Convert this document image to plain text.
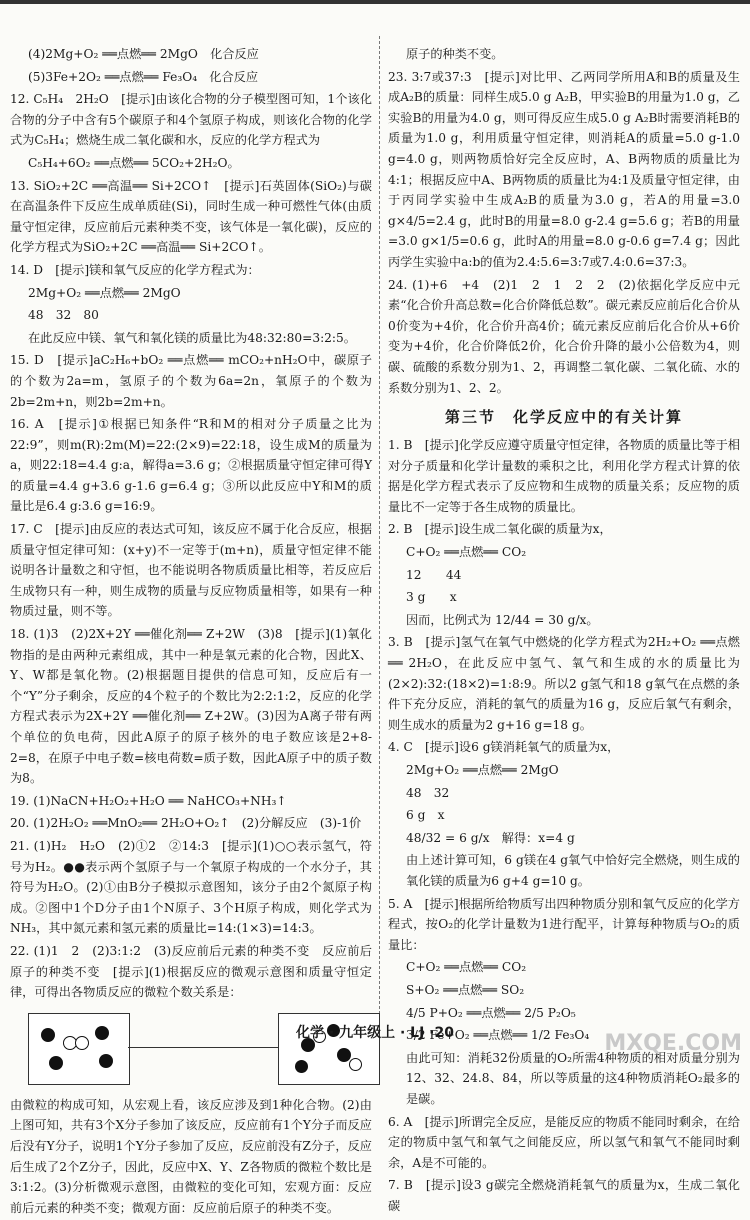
(4)2Mg+O₂ ══点燃══ 2MgO　化合反应

(5)3Fe+2O₂ ══点燃══ Fe₃O₄　化合反应

12. C₅H₄　2H₂O　[提示]由该化合物的分子模型图可知，1个该化合物的分子中含有5个碳原子和4个氢原子构成，则该化合物的化学式为C₅H₄；燃烧生成二氧化碳和水，反应的化学方程式为

C₅H₄+6O₂ ══点燃══ 5CO₂+2H₂O。

13. SiO₂+2C ══高温══ Si+2CO↑　[提示]石英固体(SiO₂)与碳在高温条件下反应生成单质硅(Si)，同时生成一种可燃性气体(由质量守恒定律，反应前后元素种类不变，该气体是一氧化碳)，反应的化学方程式为SiO₂+2C ══高温══ Si+2CO↑。

14. D　[提示]镁和氧气反应的化学方程式为：

2Mg+O₂ ══点燃══ 2MgO

48　32　80

在此反应中镁、氧气和氧化镁的质量比为48:32:80=3:2:5。

15. D　[提示]aC₂H₆+bO₂ ══点燃══ mCO₂+nH₂O中，碳原子的个数为2a=m，氢原子的个数为6a=2n，氧原子的个数为2b=2m+n，则2b=2m+n。

16. A　[提示]①根据已知条件“R和M的相对分子质量之比为22:9”，则m(R):2m(M)=22:(2×9)=22:18，设生成M的质量为a，则22:18=4.4 g:a，解得a=3.6 g；②根据质量守恒定律可得Y的质量=4.4 g+3.6 g-1.6 g=6.4 g；③所以此反应中Y和M的质量比是6.4 g:3.6 g=16:9。

17. C　[提示]由反应的表达式可知，该反应不属于化合反应，根据质量守恒定律可知：(x+y)不一定等于(m+n)，质量守恒定律不能说明各计量数之和守恒，也不能说明各物质质量比相等，若反应后生成物只有一种，则生成物的质量与反应物质量相等，如果有一种物质过量，则不等。

18. (1)3　(2)2X+2Y ══催化剂══ Z+2W　(3)8　[提示](1)氧化物指的是由两种元素组成，其中一种是氧元素的化合物，因此X、Y、W都是氧化物。(2)根据题目提供的信息可知，反应后有一个“Y”分子剩余，反应的4个粒子的个数比为2:2:1:2，反应的化学方程式表示为2X+2Y ══催化剂══ Z+2W。(3)因为A离子带有两个单位的负电荷，因此A原子的原子核外的电子数应该是2+8-2=8，在原子中电子数=核电荷数=质子数，因此A原子中的质子数为8。

19. (1)NaCN+H₂O₂+H₂O ══ NaHCO₃+NH₃↑

20. (1)2H₂O₂ ══MnO₂══ 2H₂O+O₂↑　(2)分解反应　(3)-1价

21. (1)H₂　H₂O　(2)①2　②14:3　[提示](1)○○表示氢气，符号为H₂。●●表示两个氢原子与一个氧原子构成的一个水分子，其符号为H₂O。(2)①由B分子模拟示意图知，该分子由2个氮原子构成。②图中1个D分子由1个N原子、3个H原子构成，则化学式为NH₃，其中氮元素和氢元素的质量比=14:(1×3)=14:3。

22. (1)1　2　(2)3:1:2　(3)反应前后元素的种类不变　反应前后原子的种类不变　[提示](1)根据反应的微观示意图和质量守恒定律，可得出各物质反应的微粒个数关系是：

由微粒的构成可知，从宏观上看，该反应涉及到1种化合物。(2)由上图可知，共有3个X分子参加了该反应，反应前有1个Y分子而反应后没有Y分子，说明1个Y分子参加了反应，反应前没有Z分子，反应后生成了2个Z分子，因此，反应中X、Y、Z各物质的微粒个数比是3:1:2。(3)分析微观示意图，由微粒的变化可知，宏观方面：反应前后元素的种类不变；微观方面：反应前后原子的种类不变。

原子的种类不变。

23. 3:7或37:3　[提示]对比甲、乙两同学所用A和B的质量及生成A₂B的质量：同样生成5.0 g A₂B，甲实验B的用量为1.0 g，乙实验B的用量为4.0 g，则可得反应生成5.0 g A₂B时需要消耗B的质量为1.0 g，利用质量守恒定律，则消耗A的质量=5.0 g-1.0 g=4.0 g，则两物质恰好完全反应时，A、B两物质的质量比为4:1；根据反应中A、B两物质的质量比为4:1及质量守恒定律，由于丙同学实验中生成A₂B的质量为3.0 g，若A的用量=3.0 g×4/5=2.4 g，此时B的用量=8.0 g-2.4 g=5.6 g；若B的用量=3.0 g×1/5=0.6 g，此时A的用量=8.0 g-0.6 g=7.4 g；因此丙学生实验中a:b的值为2.4:5.6=3:7或7.4:0.6=37:3。

24. (1)+6　+4　(2)1　2　1　2　2　(2)依据化学反应中元素“化合价升高总数=化合价降低总数”。碳元素反应前后化合价从0价变为+4价，化合价升高4价；硫元素反应前后化合价从+6价变为+4价，化合价降低2价，化合价升降的最小公倍数为4，则碳、硫酸的系数分别为1、2，再调整二氧化碳、二氧化硫、水的系数分别为1、2、2。

第三节　化学反应中的有关计算

1. B　[提示]化学反应遵守质量守恒定律，各物质的质量比等于相对分子质量和化学计量数的乘积之比，利用化学方程式计算的依据是化学方程式表示了反应物和生成物的质量关系；反应物的质量比不一定等于各生成物的质量比。

2. B　[提示]设生成二氧化碳的质量为x，

C+O₂ ══点燃══ CO₂

12　　44

3 g　　x

因而，比例式为 12/44 = 30 g/x。

3. B　[提示]氢气在氧气中燃烧的化学方程式为2H₂+O₂ ══点燃══ 2H₂O，在此反应中氢气、氧气和生成的水的质量比为(2×2):32:(18×2)=1:8:9。所以2 g氢气和18 g氧气在点燃的条件下充分反应，消耗的氧气的质量为16 g，反应后氧气有剩余，则生成水的质量为2 g+16 g=18 g。

4. C　[提示]设6 g镁消耗氧气的质量为x，

2Mg+O₂ ══点燃══ 2MgO

48　32

6 g　x

48/32 = 6 g/x　解得：x=4 g

由上述计算可知，6 g镁在4 g氧气中恰好完全燃烧，则生成的氧化镁的质量为6 g+4 g=10 g。

5. A　[提示]根据所给物质写出四种物质分别和氧气反应的化学方程式，按O₂的化学计量数为1进行配平，计算每种物质与O₂的质量比：

C+O₂ ══点燃══ CO₂

S+O₂ ══点燃══ SO₂

4/5 P+O₂ ══点燃══ 2/5 P₂O₅

3/2 Fe+O₂ ══点燃══ 1/2 Fe₃O₄

由此可知：消耗32份质量的O₂所需4种物质的相对质量分别为12、32、24.8、84，所以等质量的这4种物质消耗O₂最多的是碳。

6. A　[提示]所谓完全反应，是能反应的物质不能同时剩余，在给定的物质中氢气和氧气之间能反应，所以氢气和氧气不能同时剩余，A是不可能的。

7. B　[提示]设3 g碳完全燃烧消耗氧气的质量为x，生成二氧化碳

化学 · 九年级上 · LJ ·20	MXQE.COM
